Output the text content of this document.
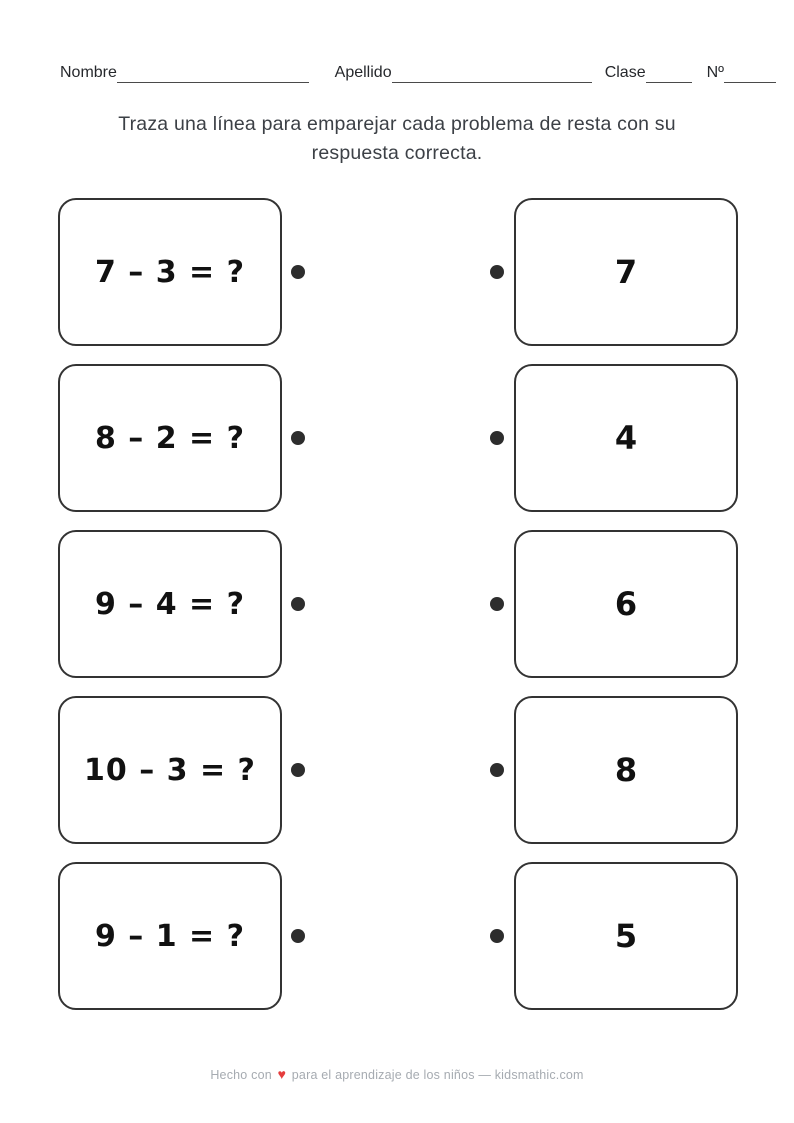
Nombre	Apellido	Clase	Nº
Traza una línea para emparejar cada problema de resta con su respuesta correcta.
7 – 3 = ?	7
8 – 2 = ?	4
9 – 4 = ?	6
10 – 3 = ?	8
9 – 1 = ?	5
Hecho con ♥ para el aprendizaje de los niños — kidsmathic.com
